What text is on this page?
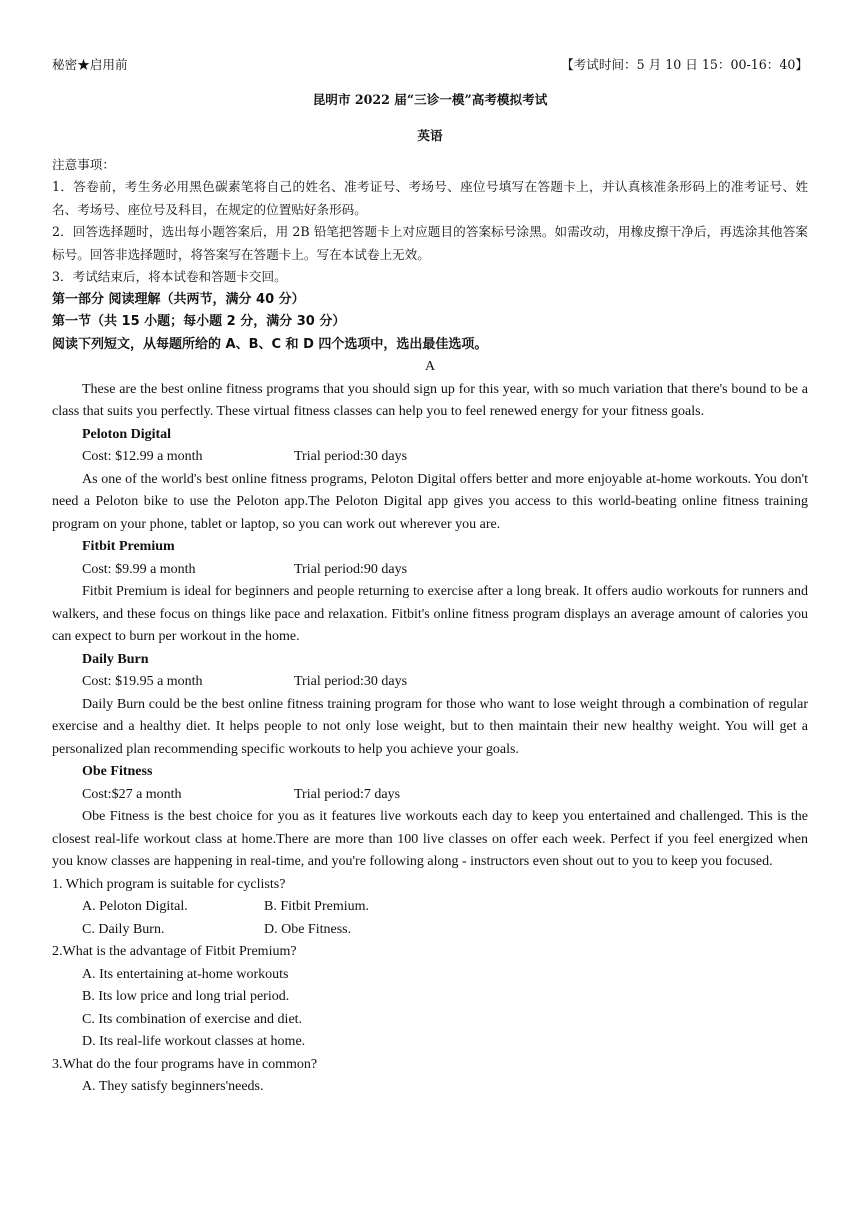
秘密★启用前	【考试时间：5 月 10 日 15：00-16：40】
昆明市 2022 届“三诊一模”高考模拟考试
英语
注意事项：
1．答卷前，考生务必用黑色碳素笔将自己的姓名、准考证号、考场号、座位号填写在答题卡上，并认真核准条形码上的准考证号、姓名、考场号、座位号及科目，在规定的位置贴好条形码。
2．回答选择题时，选出每小题答案后，用 2B 铅笔把答题卡上对应题目的答案标号涂黑。如需改动，用橡皮擦干净后，再选涂其他答案标号。回答非选择题时，将答案写在答题卡上。写在本试卷上无效。
3．考试结束后，将本试卷和答题卡交回。
第一部分 阅读理解（共两节，满分 40 分）
第一节（共 15 小题；每小题 2 分，满分 30 分）
阅读下列短文，从每题所给的 A、B、C 和 D 四个选项中，选出最佳选项。
A
These are the best online fitness programs that you should sign up for this year, with so much variation that there's bound to be a class that suits you perfectly. These virtual fitness classes can help you to feel renewed energy for your fitness goals.
Peloton Digital
Cost: $12.99 a month	Trial period:30 days
As one of the world's best online fitness programs, Peloton Digital offers better and more enjoyable at-home workouts. You don't need a Peloton bike to use the Peloton app.The Peloton Digital app gives you access to this world-beating online fitness training program on your phone, tablet or laptop, so you can work out wherever you are.
Fitbit Premium
Cost: $9.99 a month	Trial period:90 days
Fitbit Premium is ideal for beginners and people returning to exercise after a long break. It offers audio workouts for runners and walkers, and these focus on things like pace and relaxation. Fitbit's online fitness program displays an average amount of calories you can expect to burn per workout in the home.
Daily Burn
Cost: $19.95 a month	Trial period:30 days
Daily Burn could be the best online fitness training program for those who want to lose weight through a combination of regular exercise and a healthy diet. It helps people to not only lose weight, but to then maintain their new healthy weight. You will get a personalized plan recommending specific workouts to help you achieve your goals.
Obe Fitness
Cost:$27 a month	Trial period:7 days
Obe Fitness is the best choice for you as it features live workouts each day to keep you entertained and challenged. This is the closest real-life workout class at home.There are more than 100 live classes on offer each week. Perfect if you feel energized when you know classes are happening in real-time, and you're following along - instructors even shout out to you to keep you focused.
1. Which program is suitable for cyclists?
A. Peloton Digital.	B. Fitbit Premium.
C. Daily Burn.	D. Obe Fitness.
2.What is the advantage of Fitbit Premium?
A. Its entertaining at-home workouts
B. Its low price and long trial period.
C. Its combination of exercise and diet.
D. Its real-life workout classes at home.
3.What do the four programs have in common?
A. They satisfy beginners'needs.
